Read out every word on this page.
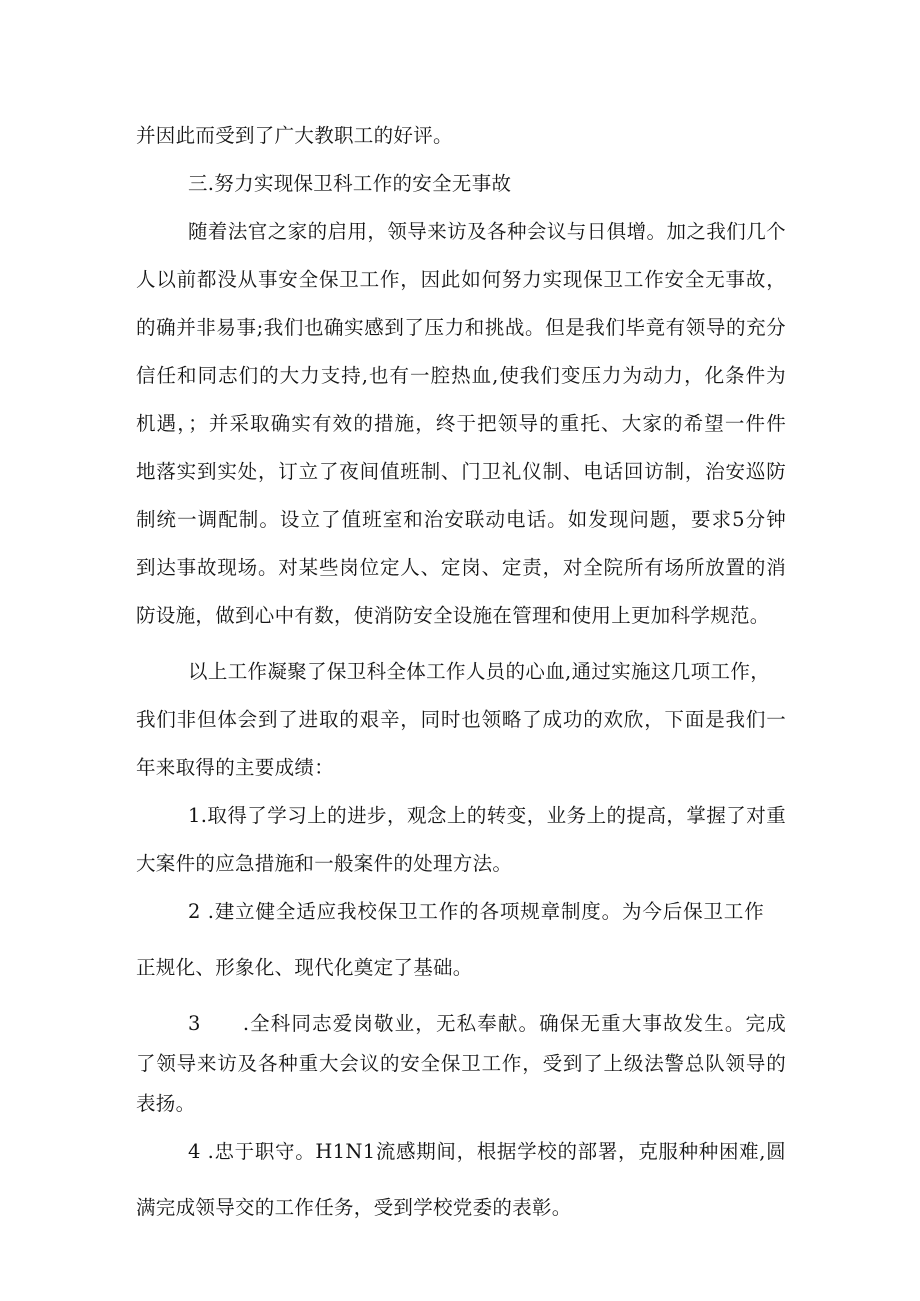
并因此而受到了广大教职工的好评。
三.努力实现保卫科工作的安全无事故
随着法官之家的启用，领导来访及各种会议与日俱增。加之我们几个
人以前都没从事安全保卫工作，因此如何努力实现保卫工作安全无事故，
的确并非易事;我们也确实感到了压力和挑战。但是我们毕竟有领导的充分
信任和同志们的大力支持,也有一腔热血,使我们变压力为动力，化条件为
机遇，；并采取确实有效的措施，终于把领导的重托、大家的希望一件件
地落实到实处，订立了夜间值班制、门卫礼仪制、电话回访制，治安巡防
制统一调配制。设立了值班室和治安联动电话。如发现问题，要求5分钟
到达事故现场。对某些岗位定人、定岗、定责，对全院所有场所放置的消
防设施，做到心中有数，使消防安全设施在管理和使用上更加科学规范。
以上工作凝聚了保卫科全体工作人员的心血,通过实施这几项工作，
我们非但体会到了进取的艰辛，同时也领略了成功的欢欣，下面是我们一
年来取得的主要成绩：
1.取得了学习上的进步，观念上的转变，业务上的提高，掌握了对重
大案件的应急措施和一般案件的处理方法。
2 .建立健全适应我校保卫工作的各项规章制度。为今后保卫工作
正规化、形象化、现代化奠定了基础。
3　　.全科同志爱岗敬业，无私奉献。确保无重大事故发生。完成
了领导来访及各种重大会议的安全保卫工作，受到了上级法警总队领导的
表扬。
4 .忠于职守。H1N1流感期间，根据学校的部署，克服种种困难,圆
满完成领导交的工作任务，受到学校党委的表彰。
